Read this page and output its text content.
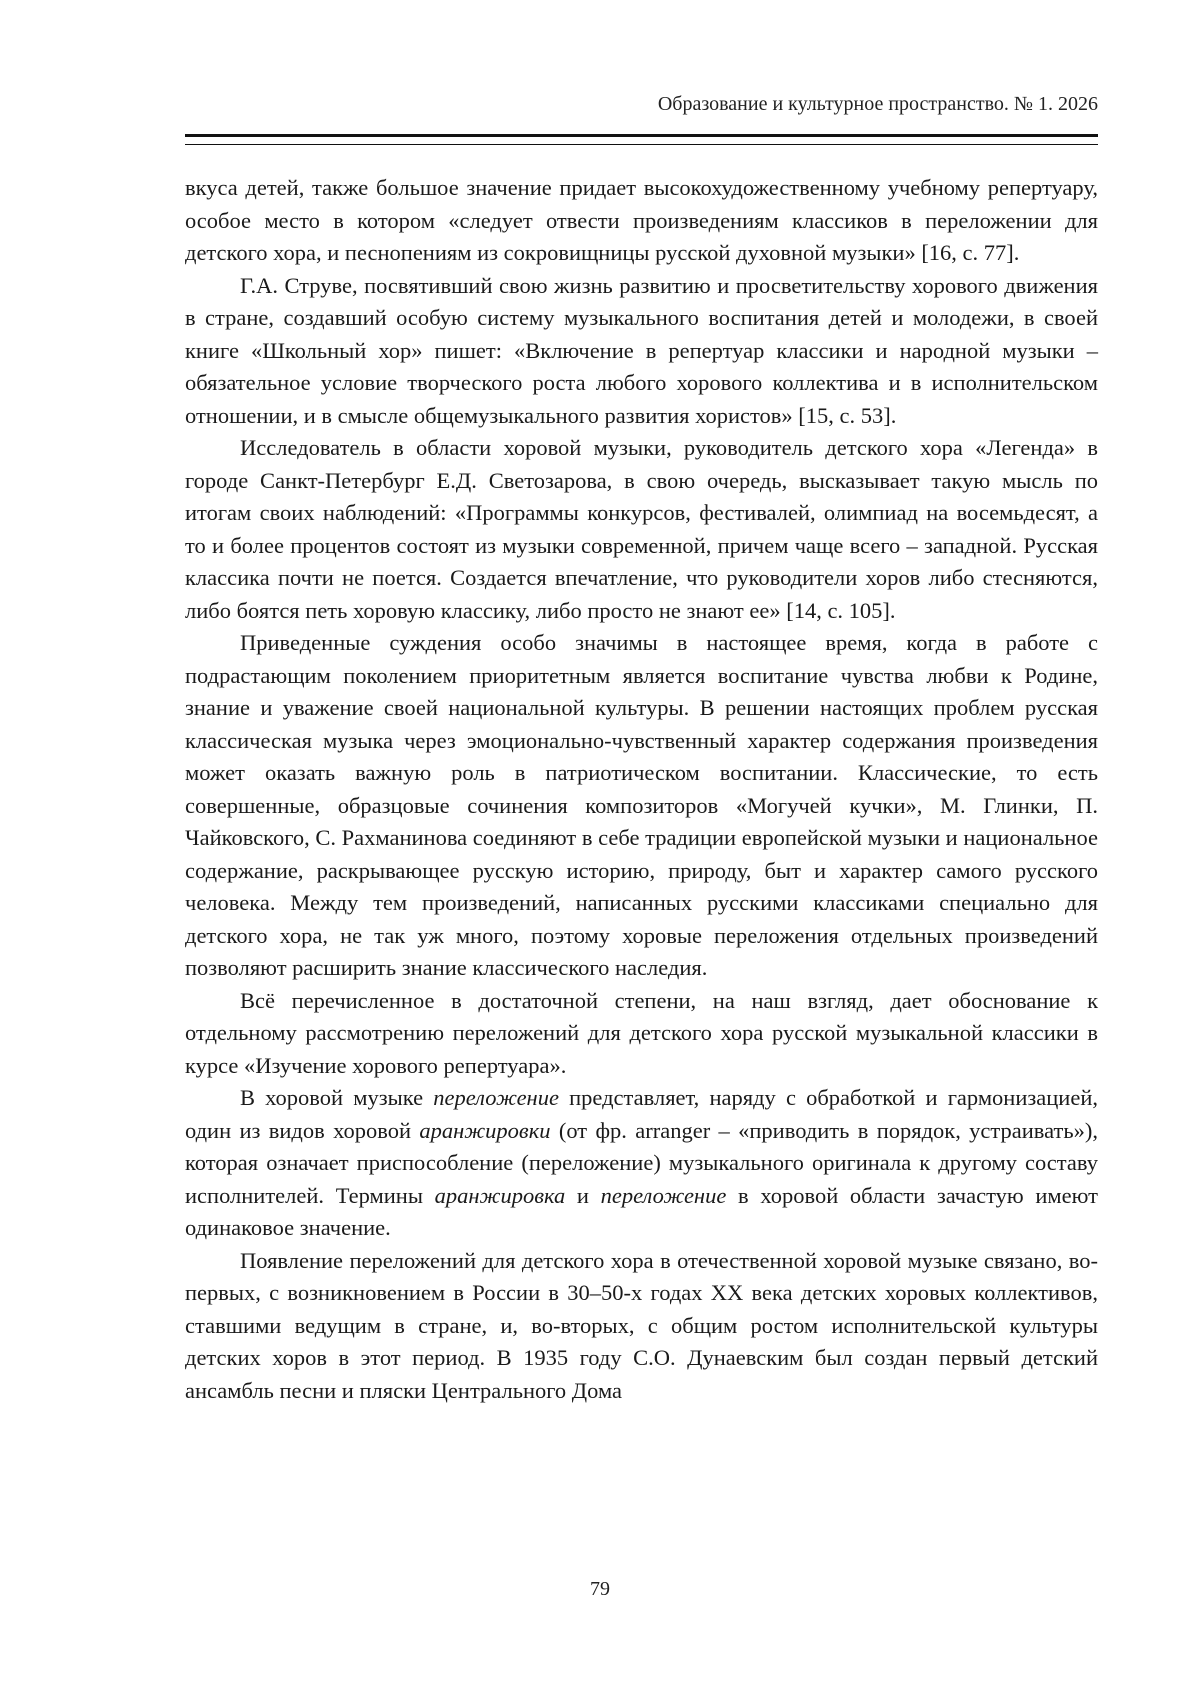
Образование и культурное пространство. № 1. 2026

вкуса детей, также большое значение придает высокохудожественному учебному репертуару, особое место в котором «следует отвести произведениям классиков в переложении для детского хора, и песнопениям из сокровищницы русской духовной музыки» [16, с. 77].

Г.А. Струве, посвятивший свою жизнь развитию и просветительству хорового движения в стране, создавший особую систему музыкального воспитания детей и молодежи, в своей книге «Школьный хор» пишет: «Включение в репертуар классики и народной музыки – обязательное условие творческого роста любого хорового коллектива и в исполнительском отношении, и в смысле общемузыкального развития хористов» [15, с. 53].

Исследователь в области хоровой музыки, руководитель детского хора «Легенда» в городе Санкт-Петербург Е.Д. Светозарова, в свою очередь, высказывает такую мысль по итогам своих наблюдений: «Программы конкурсов, фестивалей, олимпиад на восемьдесят, а то и более процентов состоят из музыки современной, причем чаще всего – западной. Русская классика почти не поется. Создается впечатление, что руководители хоров либо стесняются, либо боятся петь хоровую классику, либо просто не знают ее» [14, с. 105].

Приведенные суждения особо значимы в настоящее время, когда в работе с подрастающим поколением приоритетным является воспитание чувства любви к Родине, знание и уважение своей национальной культуры. В решении настоящих проблем русская классическая музыка через эмоционально-чувственный характер содержания произведения может оказать важную роль в патриотическом воспитании. Классические, то есть совершенные, образцовые сочинения композиторов «Могучей кучки», М. Глинки, П. Чайковского, С. Рахманинова соединяют в себе традиции европейской музыки и национальное содержание, раскрывающее русскую историю, природу, быт и характер самого русского человека. Между тем произведений, написанных русскими классиками специально для детского хора, не так уж много, поэтому хоровые переложения отдельных произведений позволяют расширить знание классического наследия.

Всё перечисленное в достаточной степени, на наш взгляд, дает обоснование к отдельному рассмотрению переложений для детского хора русской музыкальной классики в курсе «Изучение хорового репертуара».

В хоровой музыке переложение представляет, наряду с обработкой и гармонизацией, один из видов хоровой аранжировки (от фр. arranger – «приводить в порядок, устраивать»), которая означает приспособление (переложение) музыкального оригинала к другому составу исполнителей. Термины аранжировка и переложение в хоровой области зачастую имеют одинаковое значение.

Появление переложений для детского хора в отечественной хоровой музыке связано, во-первых, с возникновением в России в 30–50-х годах XX века детских хоровых коллективов, ставшими ведущим в стране, и, во-вторых, с общим ростом исполнительской культуры детских хоров в этот период. В 1935 году С.О. Дунаевским был создан первый детский ансамбль песни и пляски Центрального Дома

79
